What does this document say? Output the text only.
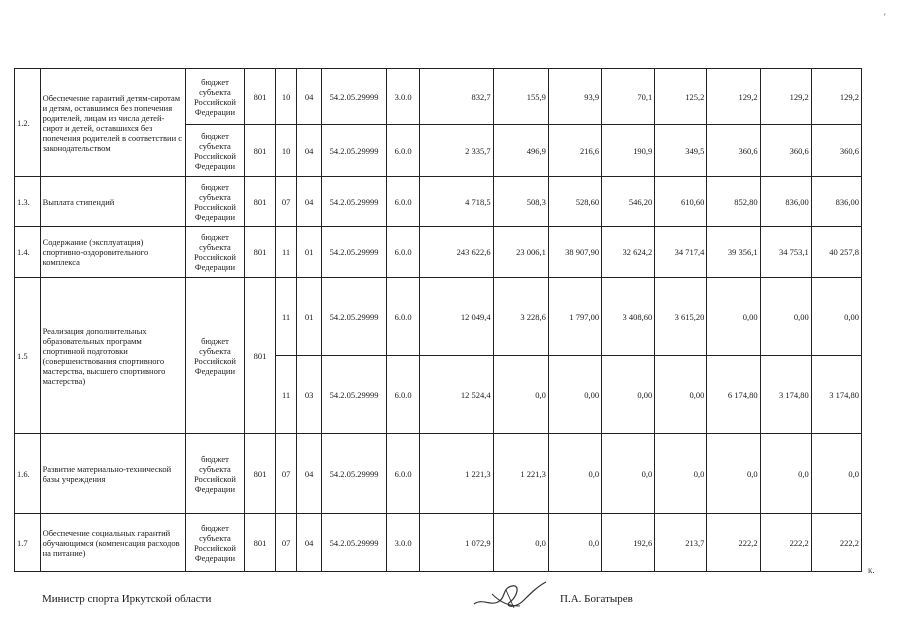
1.2.	Обеспечение гарантий детям-сиротам и детям, оставшимся без попечения родителей, лицам из числа детей-сирот и детей, оставшихся без попечения родителей в соответствии с законодательством	бюджет субъекта Российской Федерации	801	10	04	54.2.05.29999	3.0.0	832,7	155,9	93,9	70,1	125,2	129,2	129,2	129,2
		бюджет субъекта Российской Федерации	801	10	04	54.2.05.29999	6.0.0	2 335,7	496,9	216,6	190,9	349,5	360,6	360,6	360,6
1.3.	Выплата стипендий	бюджет субъекта Российской Федерации	801	07	04	54.2.05.29999	6.0.0	4 718,5	508,3	528,60	546,20	610,60	852,80	836,00	836,00
1.4.	Содержание (эксплуатация) спортивно-оздоровительного комплекса	бюджет субъекта Российской Федерации	801	11	01	54.2.05.29999	6.0.0	243 622,6	23 006,1	38 907,90	32 624,2	34 717,4	39 356,1	34 753,1	40 257,8
1.5	Реализация дополнительных образовательных программ спортивной подготовки (совершенствования спортивного мастерства, высшего спортивного мастерства)	бюджет субъекта Российской Федерации	801	11	01	54.2.05.29999	6.0.0	12 049,4	3 228,6	1 797,00	3 408,60	3 615,20	0,00	0,00	0,00
				11	03	54.2.05.29999	6.0.0	12 524,4	0,0	0,00	0,00	0,00	6 174,80	3 174,80	3 174,80
1.6.	Развитие материально-технической базы учреждения	бюджет субъекта Российской Федерации	801	07	04	54.2.05.29999	6.0.0	1 221,3	1 221,3	0,0	0,0	0,0	0,0	0,0	0,0
1.7	Обеспечение социальных гарантий обучающимся (компенсация расходов на питание)	бюджет субъекта Российской Федерации	801	07	04	54.2.05.29999	3.0.0	1 072,9	0,0	0,0	192,6	213,7	222,2	222,2	222,2
'
к.
Министр спорта Иркутской области	П.А. Богатырев
